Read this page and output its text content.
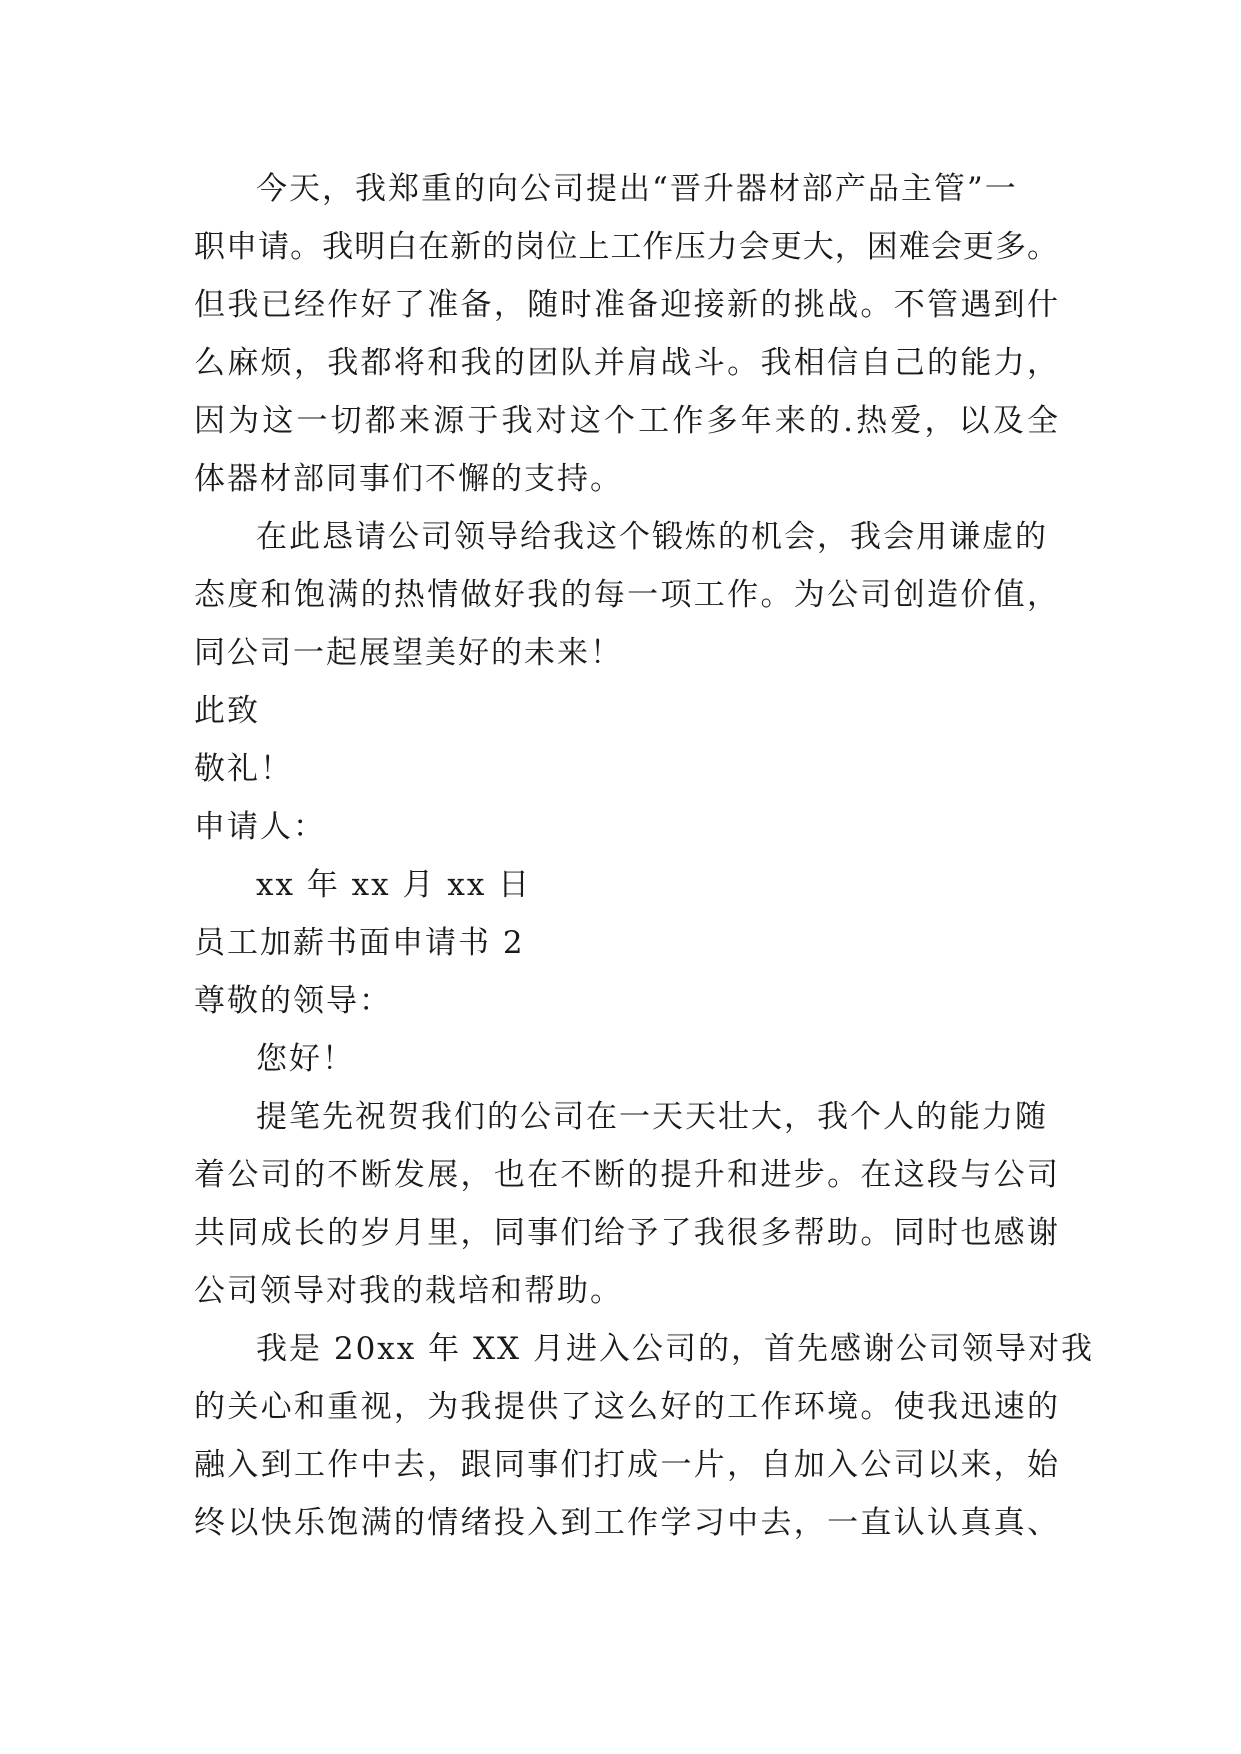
今天，我郑重的向公司提出“晋升器材部产品主管”一
职申请。我明白在新的岗位上工作压力会更大，困难会更多。
但我已经作好了准备，随时准备迎接新的挑战。不管遇到什
么麻烦，我都将和我的团队并肩战斗。我相信自己的能力，
因为这一切都来源于我对这个工作多年来的.热爱，以及全
体器材部同事们不懈的支持。
在此恳请公司领导给我这个锻炼的机会，我会用谦虚的
态度和饱满的热情做好我的每一项工作。为公司创造价值，
同公司一起展望美好的未来！
此致
敬礼！
申请人：
xx 年 xx 月 xx 日
员工加薪书面申请书 2
尊敬的领导：
您好！
提笔先祝贺我们的公司在一天天壮大，我个人的能力随
着公司的不断发展，也在不断的提升和进步。在这段与公司
共同成长的岁月里，同事们给予了我很多帮助。同时也感谢
公司领导对我的栽培和帮助。
我是 20xx 年 XX 月进入公司的，首先感谢公司领导对我
的关心和重视，为我提供了这么好的工作环境。使我迅速的
融入到工作中去，跟同事们打成一片，自加入公司以来，始
终以快乐饱满的情绪投入到工作学习中去，一直认认真真、
